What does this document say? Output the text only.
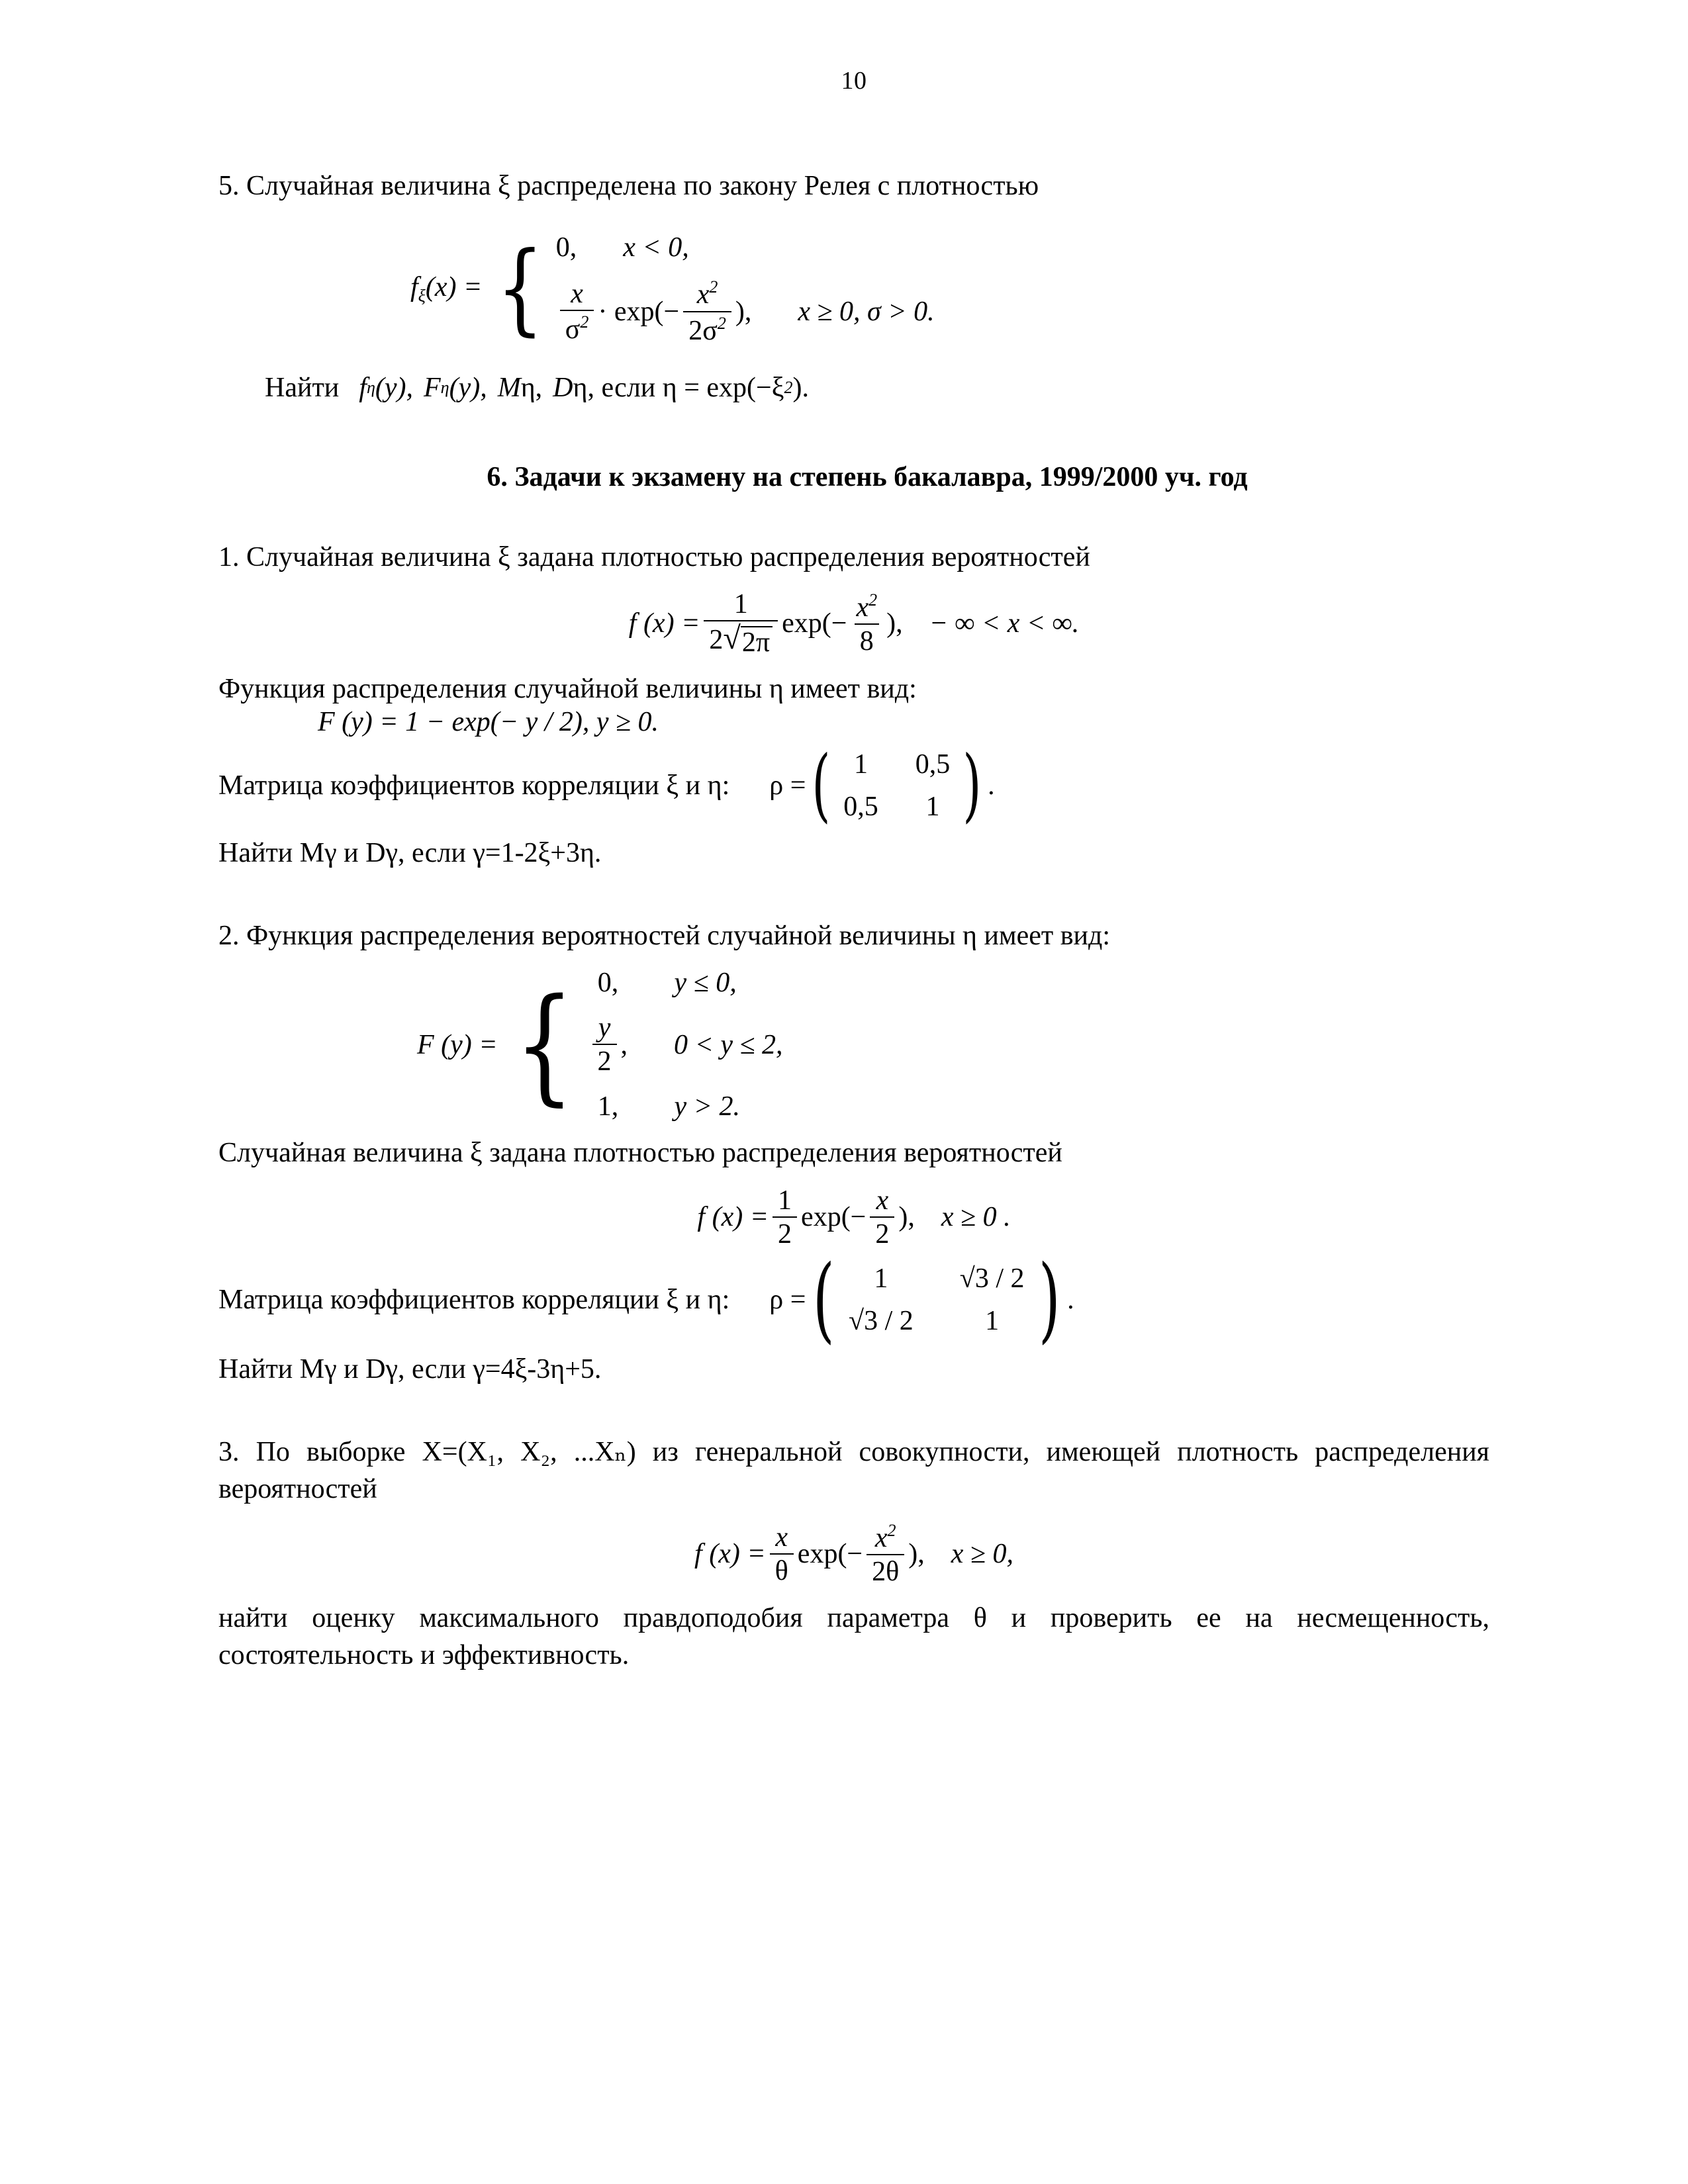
10

5. Случайная величина ξ распределена по закону Релея с плотностью

$f_\xi(x)$ = { 0, x < 0,
$\frac{x}{\sigma^2} \cdot \exp(- \frac{x^2}{2\sigma^2}$ ), x ≥ 0, σ > 0.
Найти f η (y), F η (y), M η , D η , если η = exp(−ξ 2 ).
6. Задачи к экзамену на степень бакалавра, 1999/2000 уч. год

1. Случайная величина ξ задана плотностью распределения вероятностей

f $(x) = \frac{1}{2 √ 2\pi} \exp(- \frac{x^2}{8}$ ), − ∞ < x < ∞.

Функция распределения случайной величины η имеет вид:

F (y) = 1 − exp(− y / 2), y ≥ 0.
Матрица коэффициентов корреляции ξ и η: ρ = ( 1	0,5
0,5	1 ) .

Найти Mγ и Dγ, если γ=1-2ξ+3η.

2. Функция распределения вероятностей случайной величины η имеет вид:

F (y) = { 0,	y ≤ 0,
$\frac{y}{2}$ , 0 < y ≤ 2,
1,	y > 2.

Случайная величина ξ задана плотностью распределения вероятностей

f $(x) = \frac{1}{2} \exp(- \frac{x}{2}$ ), x ≥ 0 .
Матрица коэффициентов корреляции ξ и η: ρ = (	1	√3 / 2
√3 / 2	1 ) .

Найти Mγ и Dγ, если γ=4ξ-3η+5.

3. По выборке X=(X₁, X₂, ...Xₙ) из генеральной совокупности, имеющей плотность распределения вероятностей

f $(x) = \frac{x}{\theta} \exp(- \frac{x^2}{2\theta}$ ), x ≥ 0,

найти оценку максимального правдоподобия параметра θ и проверить ее на несмещенность, состоятельность и эффективность.
